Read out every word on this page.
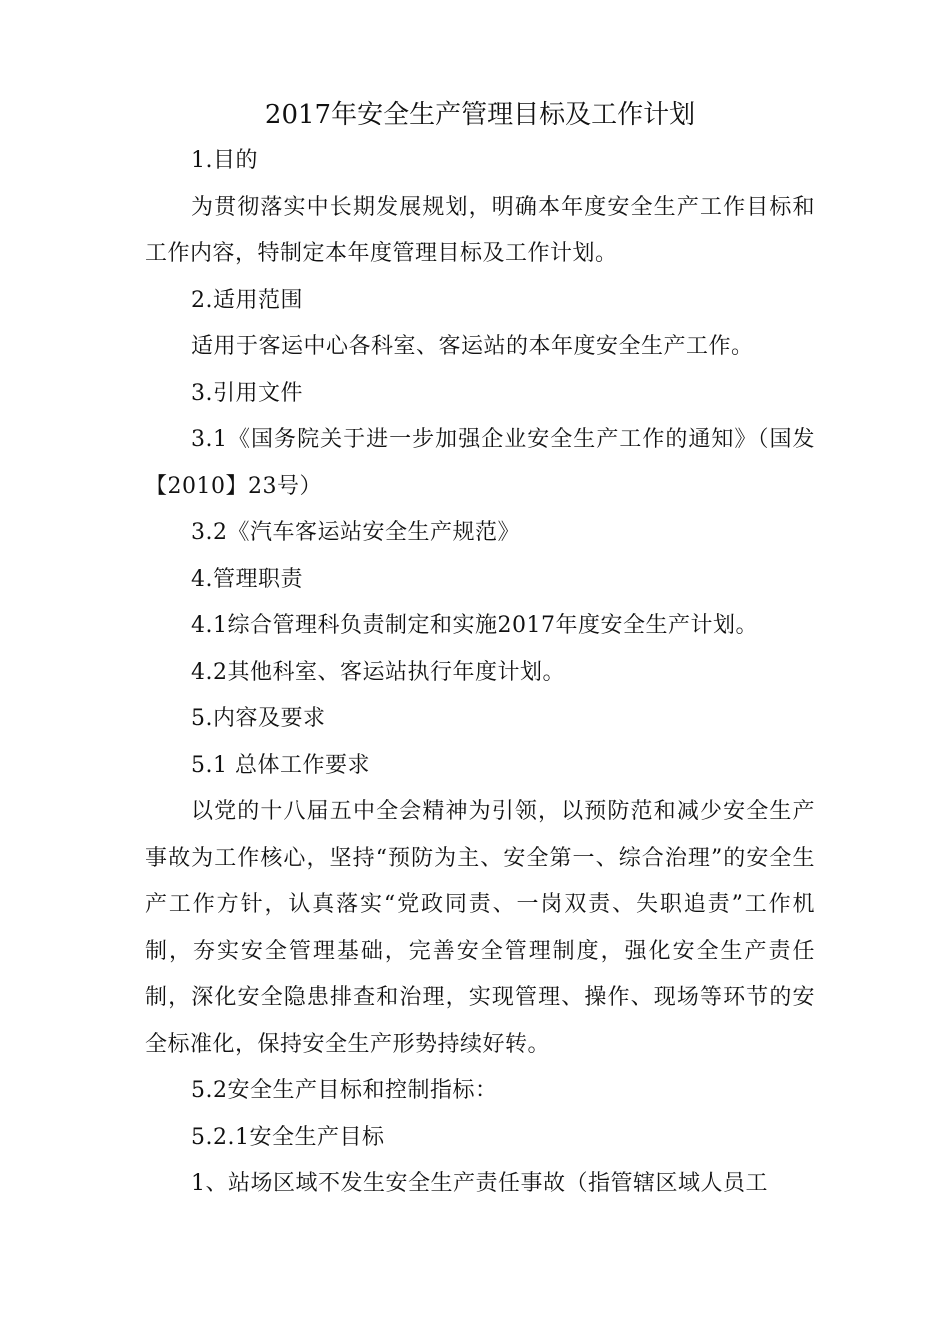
2017年安全生产管理目标及工作计划

1.目的

为贯彻落实中长期发展规划，明确本年度安全生产工作目标和工作内容，特制定本年度管理目标及工作计划。

2.适用范围

适用于客运中心各科室、客运站的本年度安全生产工作。

3.引用文件

3.1《国务院关于进一步加强企业安全生产工作的通知》（国发【2010】23号）

3.2《汽车客运站安全生产规范》

4.管理职责

4.1综合管理科负责制定和实施2017年度安全生产计划。

4.2其他科室、客运站执行年度计划。

5.内容及要求

5.1 总体工作要求

以党的十八届五中全会精神为引领，以预防范和减少安全生产事故为工作核心，坚持“预防为主、安全第一、综合治理”的安全生产工作方针，认真落实“党政同责、一岗双责、失职追责”工作机制，夯实安全管理基础，完善安全管理制度，强化安全生产责任制，深化安全隐患排查和治理，实现管理、操作、现场等环节的安全标准化，保持安全生产形势持续好转。

5.2安全生产目标和控制指标：

5.2.1安全生产目标

1、站场区域不发生安全生产责任事故（指管辖区域人员工
